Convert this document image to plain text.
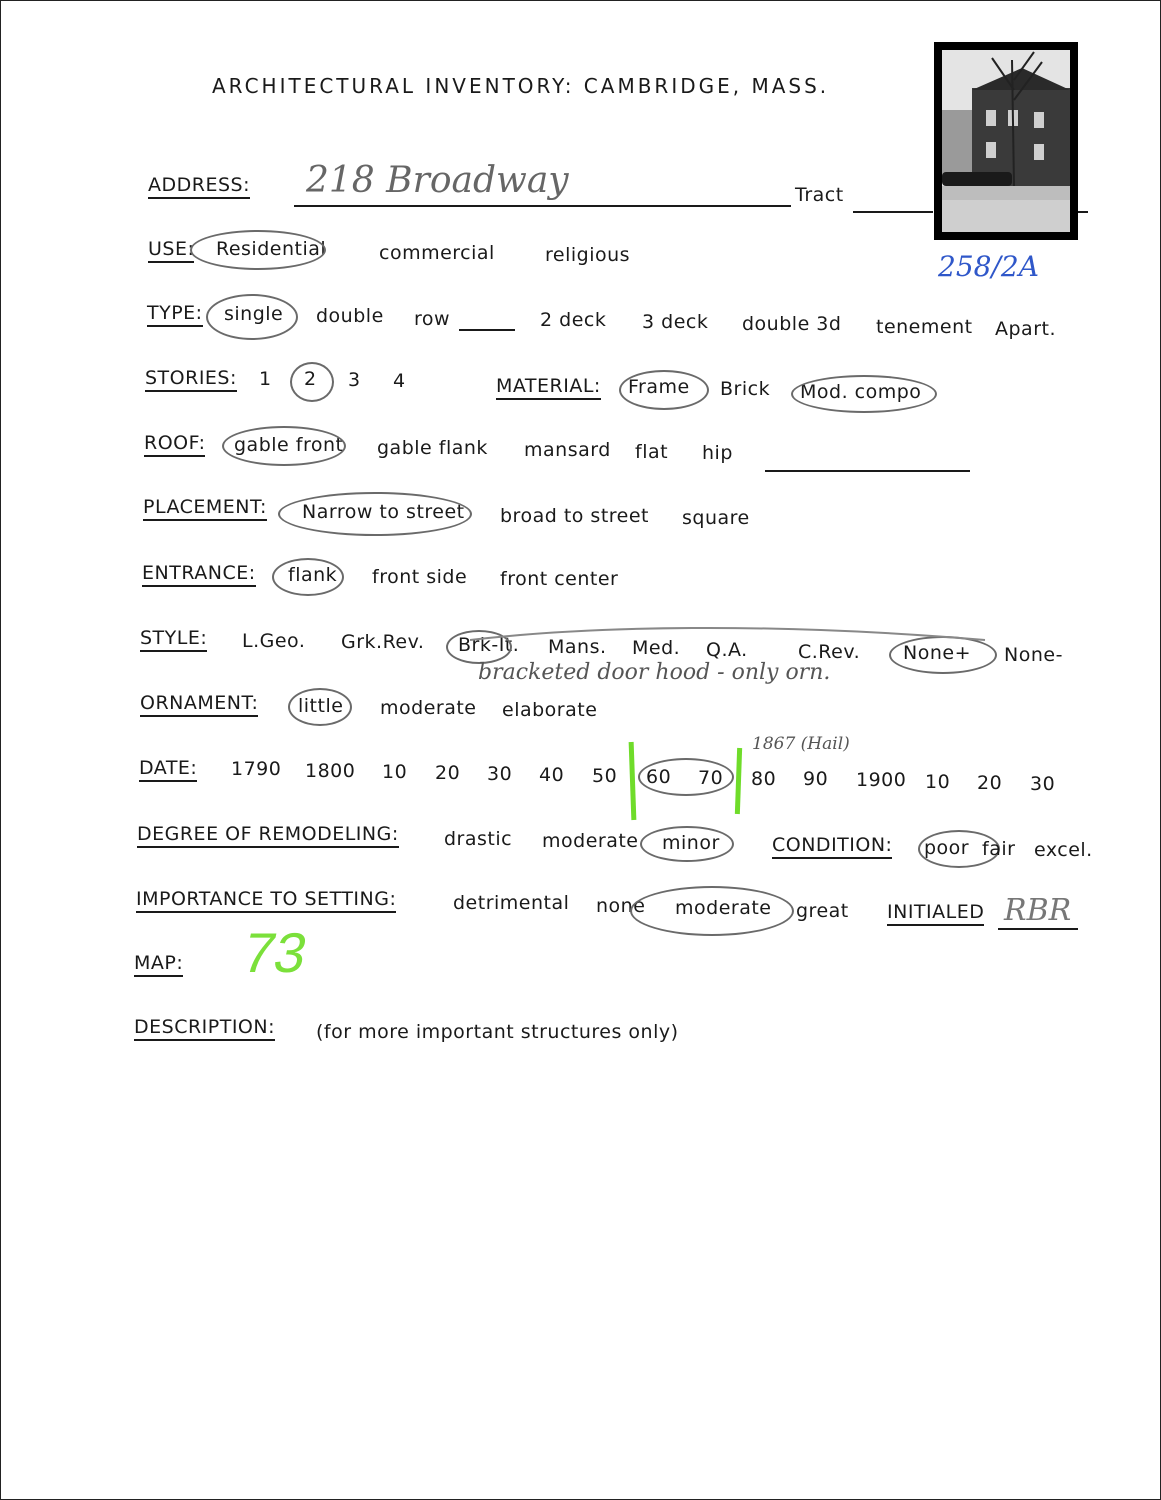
ARCHITECTURAL INVENTORY: CAMBRIDGE, MASS.
258/2A
ADDRESS: 218 Broadway	Tract
USE: Residential	commercial	religious
TYPE: single double row	2 deck 3 deck double 3d tenement Apart.
STORIES: 1 2 3 4	MATERIAL: Frame Brick Mod. compo
ROOF: gable front gable flank mansard flat hip
PLACEMENT: Narrow to street broad to street square
ENTRANCE: flank front side front center
STYLE: L.Geo. Grk.Rev. Brk-It. Mans. Med. Q.A.	C.Rev. None+ None-
bracketed door hood - only orn.
ORNAMENT: little moderate elaborate
DATE: 1790 1800 10 20 30 40 50 60 70 80 90 1900 10 20 30
1867 (Hail)
DEGREE OF REMODELING: drastic moderate minor	CONDITION: poor fair excel.
IMPORTANCE TO SETTING:	detrimental none moderate great INITIALED RBR
MAP: 73
DESCRIPTION: (for more important structures only)
